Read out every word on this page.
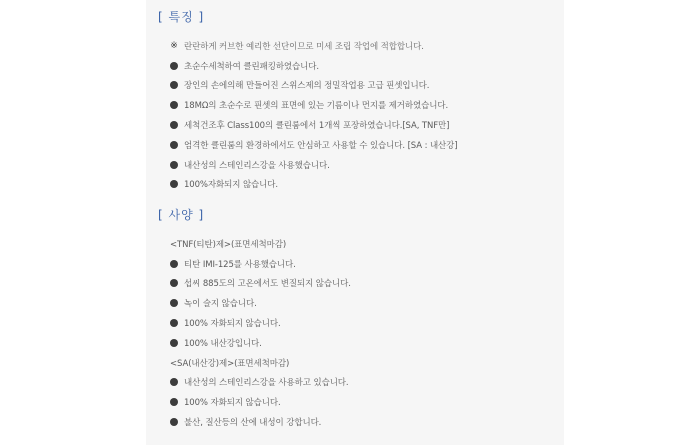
[ 특징 ]
※ 란란하게 커브한 예리한 선단이므로 미세 조립 작업에 적합합니다.
초순수세척하여 클린패킹하였습니다.
장인의 손에의해 만들어진 스위스제의 정밀작업용 고급 핀셋입니다.
18MΩ의 초순수로 핀셋의 표면에 있는 기름이나 먼지를 제거하였습니다.
세척건조후 Class100의 클린룸에서 1개씩 포장하였습니다.[SA, TNF만]
엄격한 클린룸의 환경하에서도 안심하고 사용할 수 있습니다. [SA : 내산강]
내산성의 스테인리스강을 사용했습니다.
100%자화되지 않습니다.
[ 사양 ]
<TNF(티탄)제>(표면세척마감)
티탄 IMI-125를 사용했습니다.
섭씨 885도의 고온에서도 변질되지 않습니다.
녹이 슬지 않습니다.
100% 자화되지 않습니다.
100% 내산강입니다.
<SA(내산강)제>(표면세척마감)
내산성의 스테인리스강을 사용하고 있습니다.
100% 자화되지 않습니다.
불산, 질산등의 산에 내성이 강합니다.
